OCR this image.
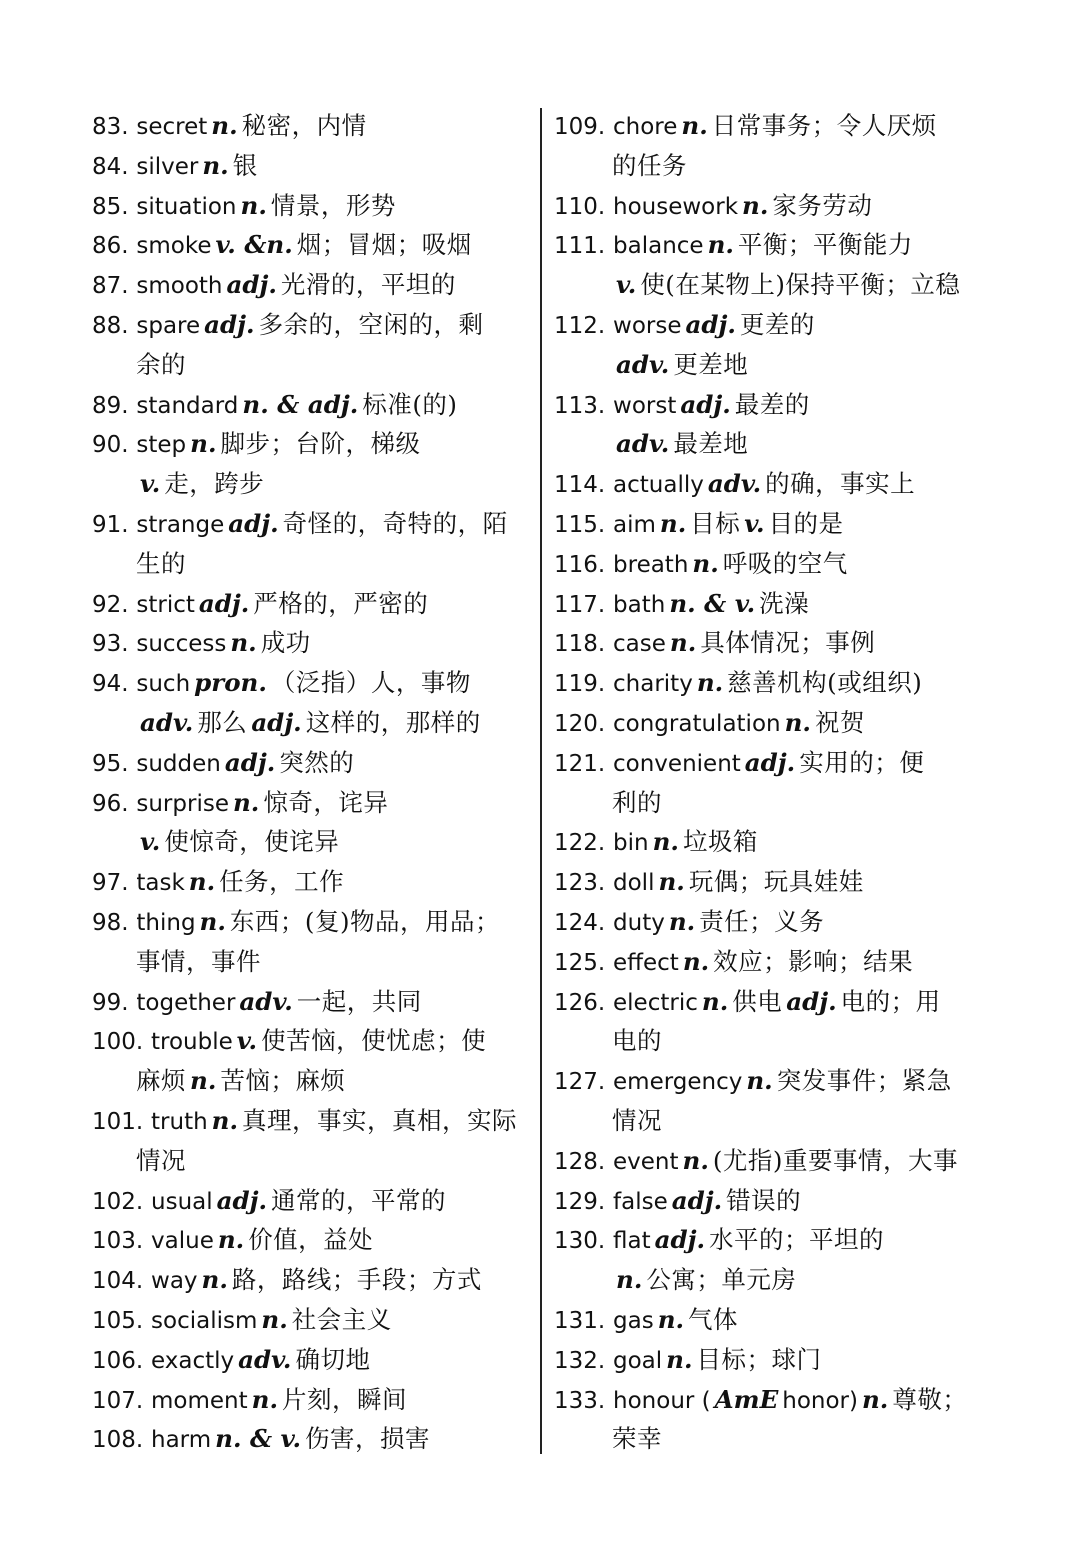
83. secret n. 秘密，内情
84. silver n. 银
85. situation n. 情景，形势
86. smoke v. &n. 烟；冒烟；吸烟
87. smooth adj. 光滑的，平坦的
88. spare adj. 多余的，空闲的，剩
余的
89. standard n. & adj. 标准(的)
90. step n. 脚步；台阶，梯级
v. 走，跨步
91. strange adj. 奇怪的，奇特的，陌
生的
92. strict adj. 严格的，严密的
93. success n. 成功
94. such pron. （泛指）人，事物
adv. 那么 adj. 这样的，那样的
95. sudden adj. 突然的
96. surprise n. 惊奇，诧异
v. 使惊奇，使诧异
97. task n. 任务，工作
98. thing n. 东西；(复)物品，用品；
事情，事件
99. together adv. 一起，共同
100. trouble v. 使苦恼，使忧虑；使
麻烦 n. 苦恼；麻烦
101. truth n. 真理，事实，真相，实际
情况
102. usual adj. 通常的，平常的
103. value n. 价值，益处
104. way n. 路，路线；手段；方式
105. socialism n. 社会主义
106. exactly adv. 确切地
107. moment n. 片刻，瞬间
108. harm n. & v. 伤害，损害
109. chore n. 日常事务；令人厌烦
的任务
110. housework n. 家务劳动
111. balance n. 平衡；平衡能力
v. 使(在某物上)保持平衡；立稳
112. worse adj. 更差的
adv. 更差地
113. worst adj. 最差的
adv. 最差地
114. actually adv. 的确，事实上
115. aim n. 目标 v. 目的是
116. breath n. 呼吸的空气
117. bath n. & v. 洗澡
118. case n. 具体情况；事例
119. charity n. 慈善机构(或组织)
120. congratulation n. 祝贺
121. convenient adj. 实用的；便
利的
122. bin n. 垃圾箱
123. doll n. 玩偶；玩具娃娃
124. duty n. 责任；义务
125. effect n. 效应；影响；结果
126. electric n. 供电 adj. 电的；用
电的
127. emergency n. 突发事件；紧急
情况
128. event n. (尤指)重要事情，大事
129. false adj. 错误的
130. flat adj. 水平的；平坦的
n. 公寓；单元房
131. gas n. 气体
132. goal n. 目标；球门
133. honour ( AmE honor) n. 尊敬；
荣幸
